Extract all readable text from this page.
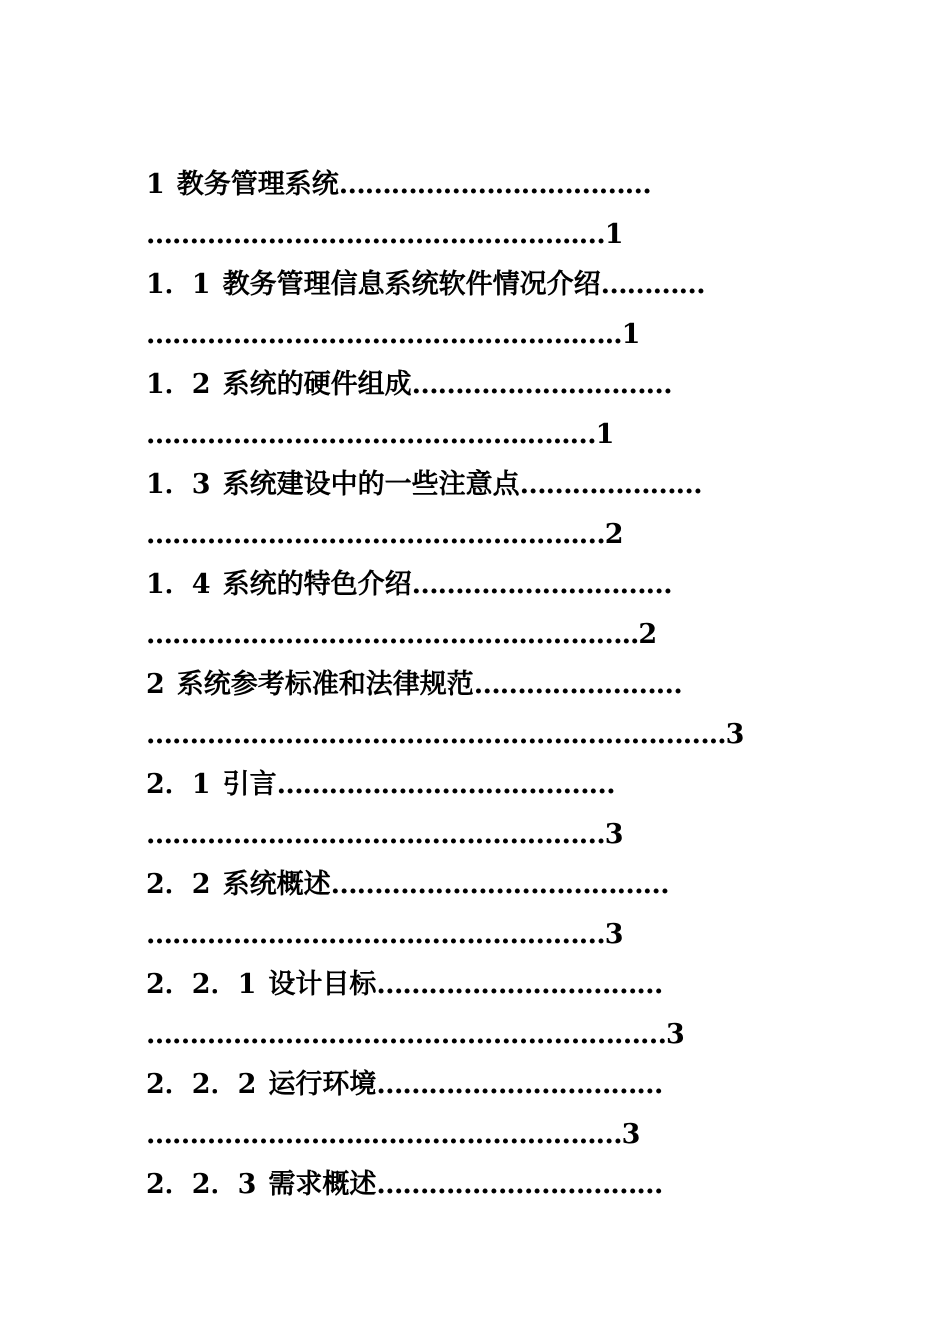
1 教务管理系统………………………………
…………………………………………..…1
1．1 教务管理信息系统软件情况介绍…………
…………………………………………..…..1
1．2 系统的硬件组成…………………………
……………………………………..…..…1
1．3 系统建设中的一些注意点…………………
…………………………………………..…2
1．4 系统的特色介绍…………………………
……………………………………..……..…..2
2 系统参考标准和法律规范……………………
…………………………………………..……………..3
2．1 引言…………………………………
…………………………..…………………3
2．2 系统概述…………………………………
…………………………..…………………3
2．2．1 设计目标……………………………
……………………………………………………3
2．2．2 运行环境……………………………
……………………..……………………..…3
2．2．3 需求概述……………………………
